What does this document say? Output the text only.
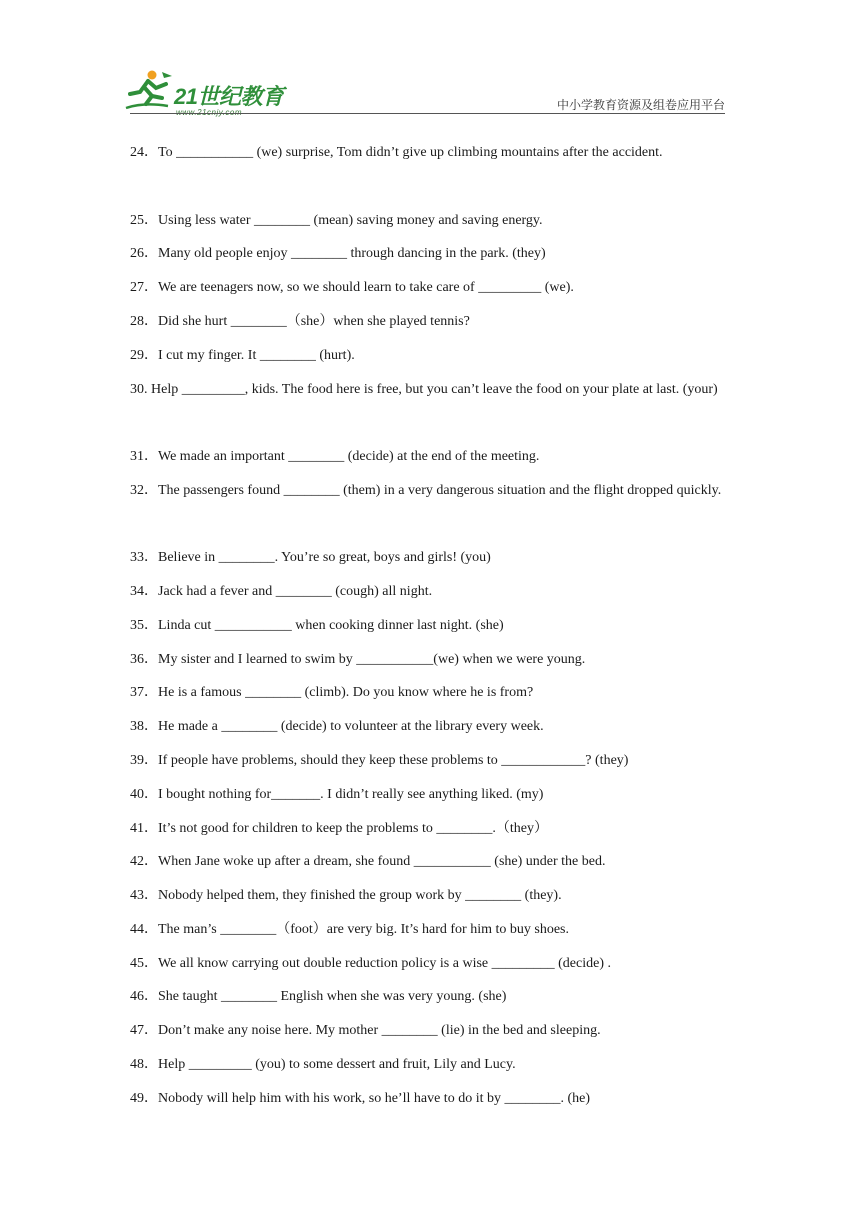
21世纪教育
www.21cnjy.com
中小学教育资源及组卷应用平台
24．To ___________ (we) surprise, Tom didn’t give up climbing mountains after the accident.
25．Using less water ________ (mean) saving money and saving energy.
26．Many old people enjoy ________ through dancing in the park. (they)
27．We are teenagers now, so we should learn to take care of _________ (we).
28．Did she hurt ________（she）when she played tennis?
29．I cut my finger. It ________ (hurt).
30. Help _________, kids. The food here is free, but you can’t leave the food on your plate at last. (your)
31．We made an important ________ (decide) at the end of the meeting.
32．The passengers found ________ (them) in a very dangerous situation and the flight dropped quickly.
33．Believe in ________. You’re so great, boys and girls! (you)
34．Jack had a fever and ________ (cough) all night.
35．Linda cut ___________ when cooking dinner last night. (she)
36．My sister and I learned to swim by ___________(we) when we were young.
37．He is a famous ________ (climb). Do you know where he is from?
38．He made a ________ (decide) to volunteer at the library every week.
39．If people have problems, should they keep these problems to ____________? (they)
40．I bought nothing for_______. I didn’t really see anything liked. (my)
41．It’s not good for children to keep the problems to ________.（they）
42．When Jane woke up after a dream, she found ___________ (she) under the bed.
43．Nobody helped them, they finished the group work by ________ (they).
44．The man’s ________（foot）are very big. It’s hard for him to buy shoes.
45．We all know carrying out double reduction policy is a wise _________ (decide) .
46．She taught ________ English when she was very young. (she)
47．Don’t make any noise here. My mother ________ (lie) in the bed and sleeping.
48．Help _________ (you) to some dessert and fruit, Lily and Lucy.
49．Nobody will help him with his work, so he’ll have to do it by ________. (he)
